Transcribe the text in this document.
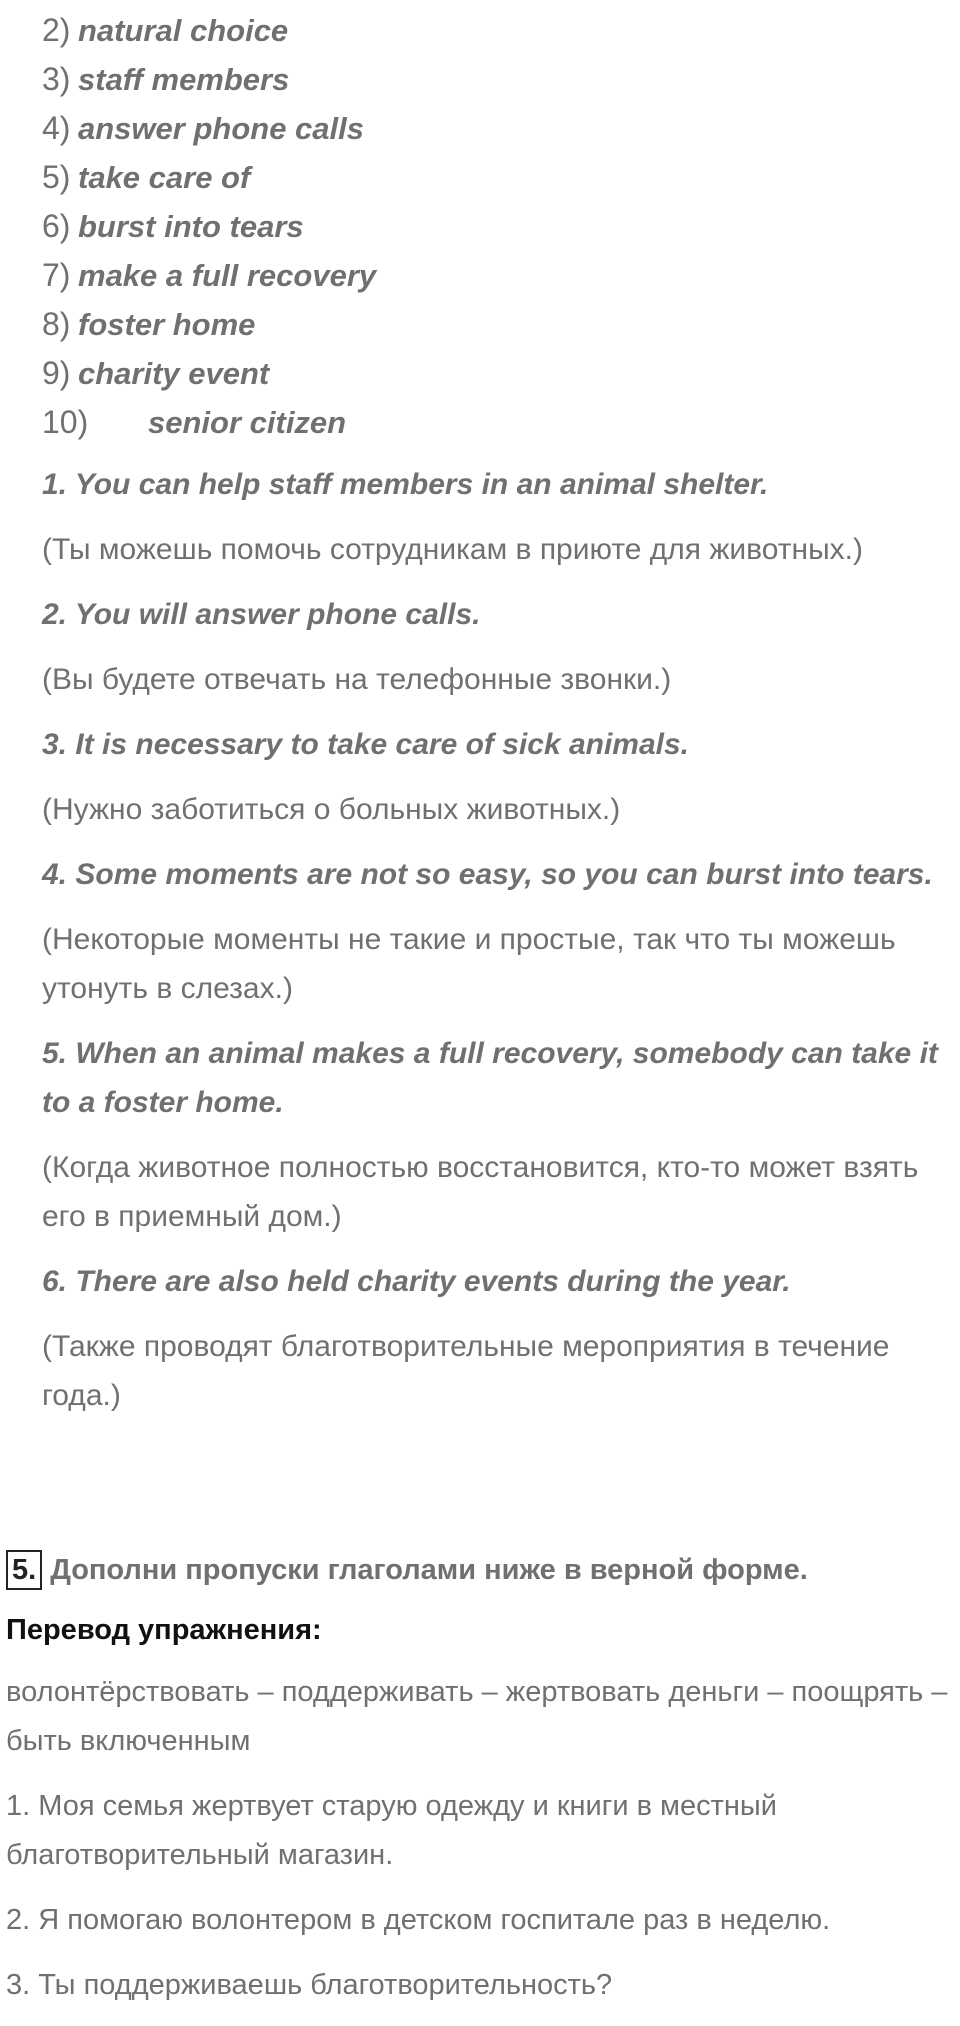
2) natural choice
3) staff members
4) answer phone calls
5) take care of
6) burst into tears
7) make a full recovery
8) foster home
9) charity event
10) senior citizen

1. You can help staff members in an animal shelter.

(Ты можешь помочь сотрудникам в приюте для животных.)

2. You will answer phone calls.

(Вы будете отвечать на телефонные звонки.)

3. It is necessary to take care of sick animals.

(Нужно заботиться о больных животных.)

4. Some moments are not so easy, so you can burst into tears.

(Некоторые моменты не такие и простые, так что ты можешь утонуть в слезах.)

5. When an animal makes a full recovery, somebody can take it to a foster home.

(Когда животное полностью восстановится, кто-то может взять его в приемный дом.)

6. There are also held charity events during the year.

(Также проводят благотворительные мероприятия в течение года.)

5. Дополни пропуски глаголами ниже в верной форме.
Перевод упражнения:

волонтёрствовать – поддерживать – жертвовать деньги – поощрять – быть включенным

1. Моя семья жертвует старую одежду и книги в местный благотворительный магазин.

2. Я помогаю волонтером в детском госпитале раз в неделю.

3. Ты поддерживаешь благотворительность?
